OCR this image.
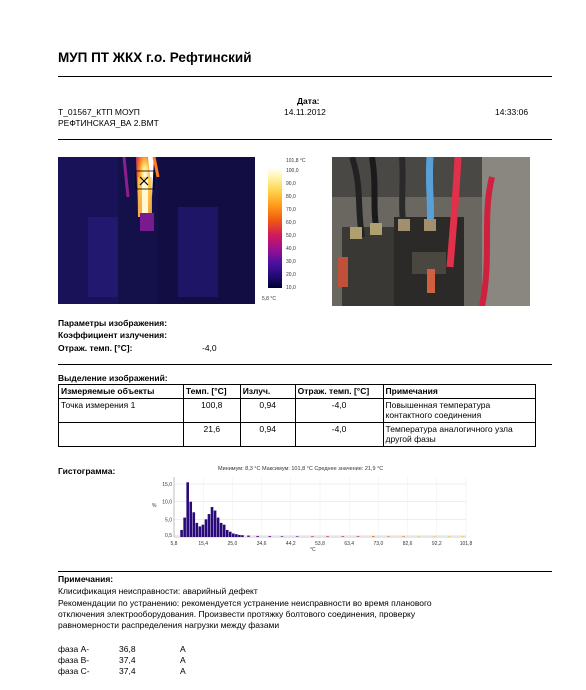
МУП ПТ ЖКХ г.о. Рефтинский
Дата:
T_01567_КТП МОУП
РЕФТИНСКАЯ_ВА 2.BMT
14.11.2012	14:33:06
101,8 °C
100,0
90,0
80,0
70,0
60,0
50,0
40,0
30,0
20,0
10,0
5,8 °C
Параметры изображения:
Коэффициент излучения:
Отраж. темп. [°C]:	-4,0
Выделение изображений:
Измеряемые объекты	Темп. [°C]	Излуч.	Отраж. темп. [°C]	Примечания
Точка измерения 1	100,8	0,94	-4,0	Повышенная температура контактного соединения
	21,6	0,94	-4,0	Температура аналогичного узла другой фазы
Гистограмма:	Минимум: 8,3 °C Максимум: 101,8 °C Среднее значение: 21,9 °C
0,5
5,0
10,0
15,0
5,8	15,4	25,0	34,6	44,2	53,8	63,4	73,0	82,6	92,2	101,8
%
°C
Примечания:
Клисификация неисправности: аварийный дефект
Рекомендации по устранению: рекомендуется устранение неисправности во время планового
отключения электрооборудования. Произвести протяжку болтового соединения, проверку
равномерности распределения нагрузки между фазами
фаза А-	36,8	А
фаза В-	37,4	А
фаза С-	37,4	А
